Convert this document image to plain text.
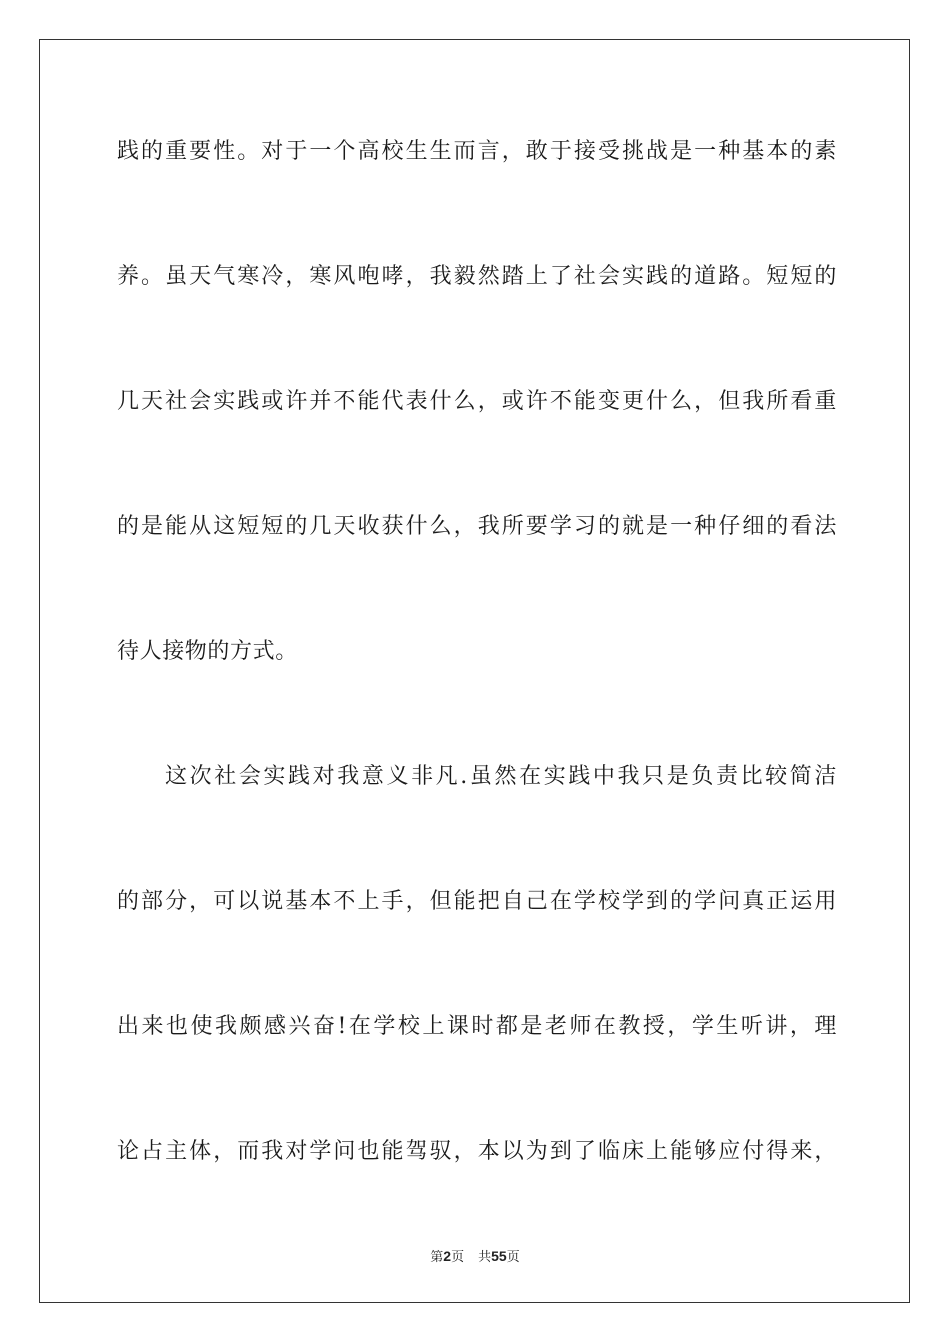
践的重要性。对于一个高校生生而言，敢于接受挑战是一种基本的素
养。虽天气寒冷，寒风咆哮，我毅然踏上了社会实践的道路。短短的
几天社会实践或许并不能代表什么，或许不能变更什么，但我所看重
的是能从这短短的几天收获什么，我所要学习的就是一种仔细的看法
待人接物的方式。
这次社会实践对我意义非凡.虽然在实践中我只是负责比较简洁
的部分，可以说基本不上手，但能把自己在学校学到的学问真正运用
出来也使我颇感兴奋!在学校上课时都是老师在教授，学生听讲，理
论占主体，而我对学问也能驾驭，本以为到了临床上能够应付得来，
第2页 共55页
